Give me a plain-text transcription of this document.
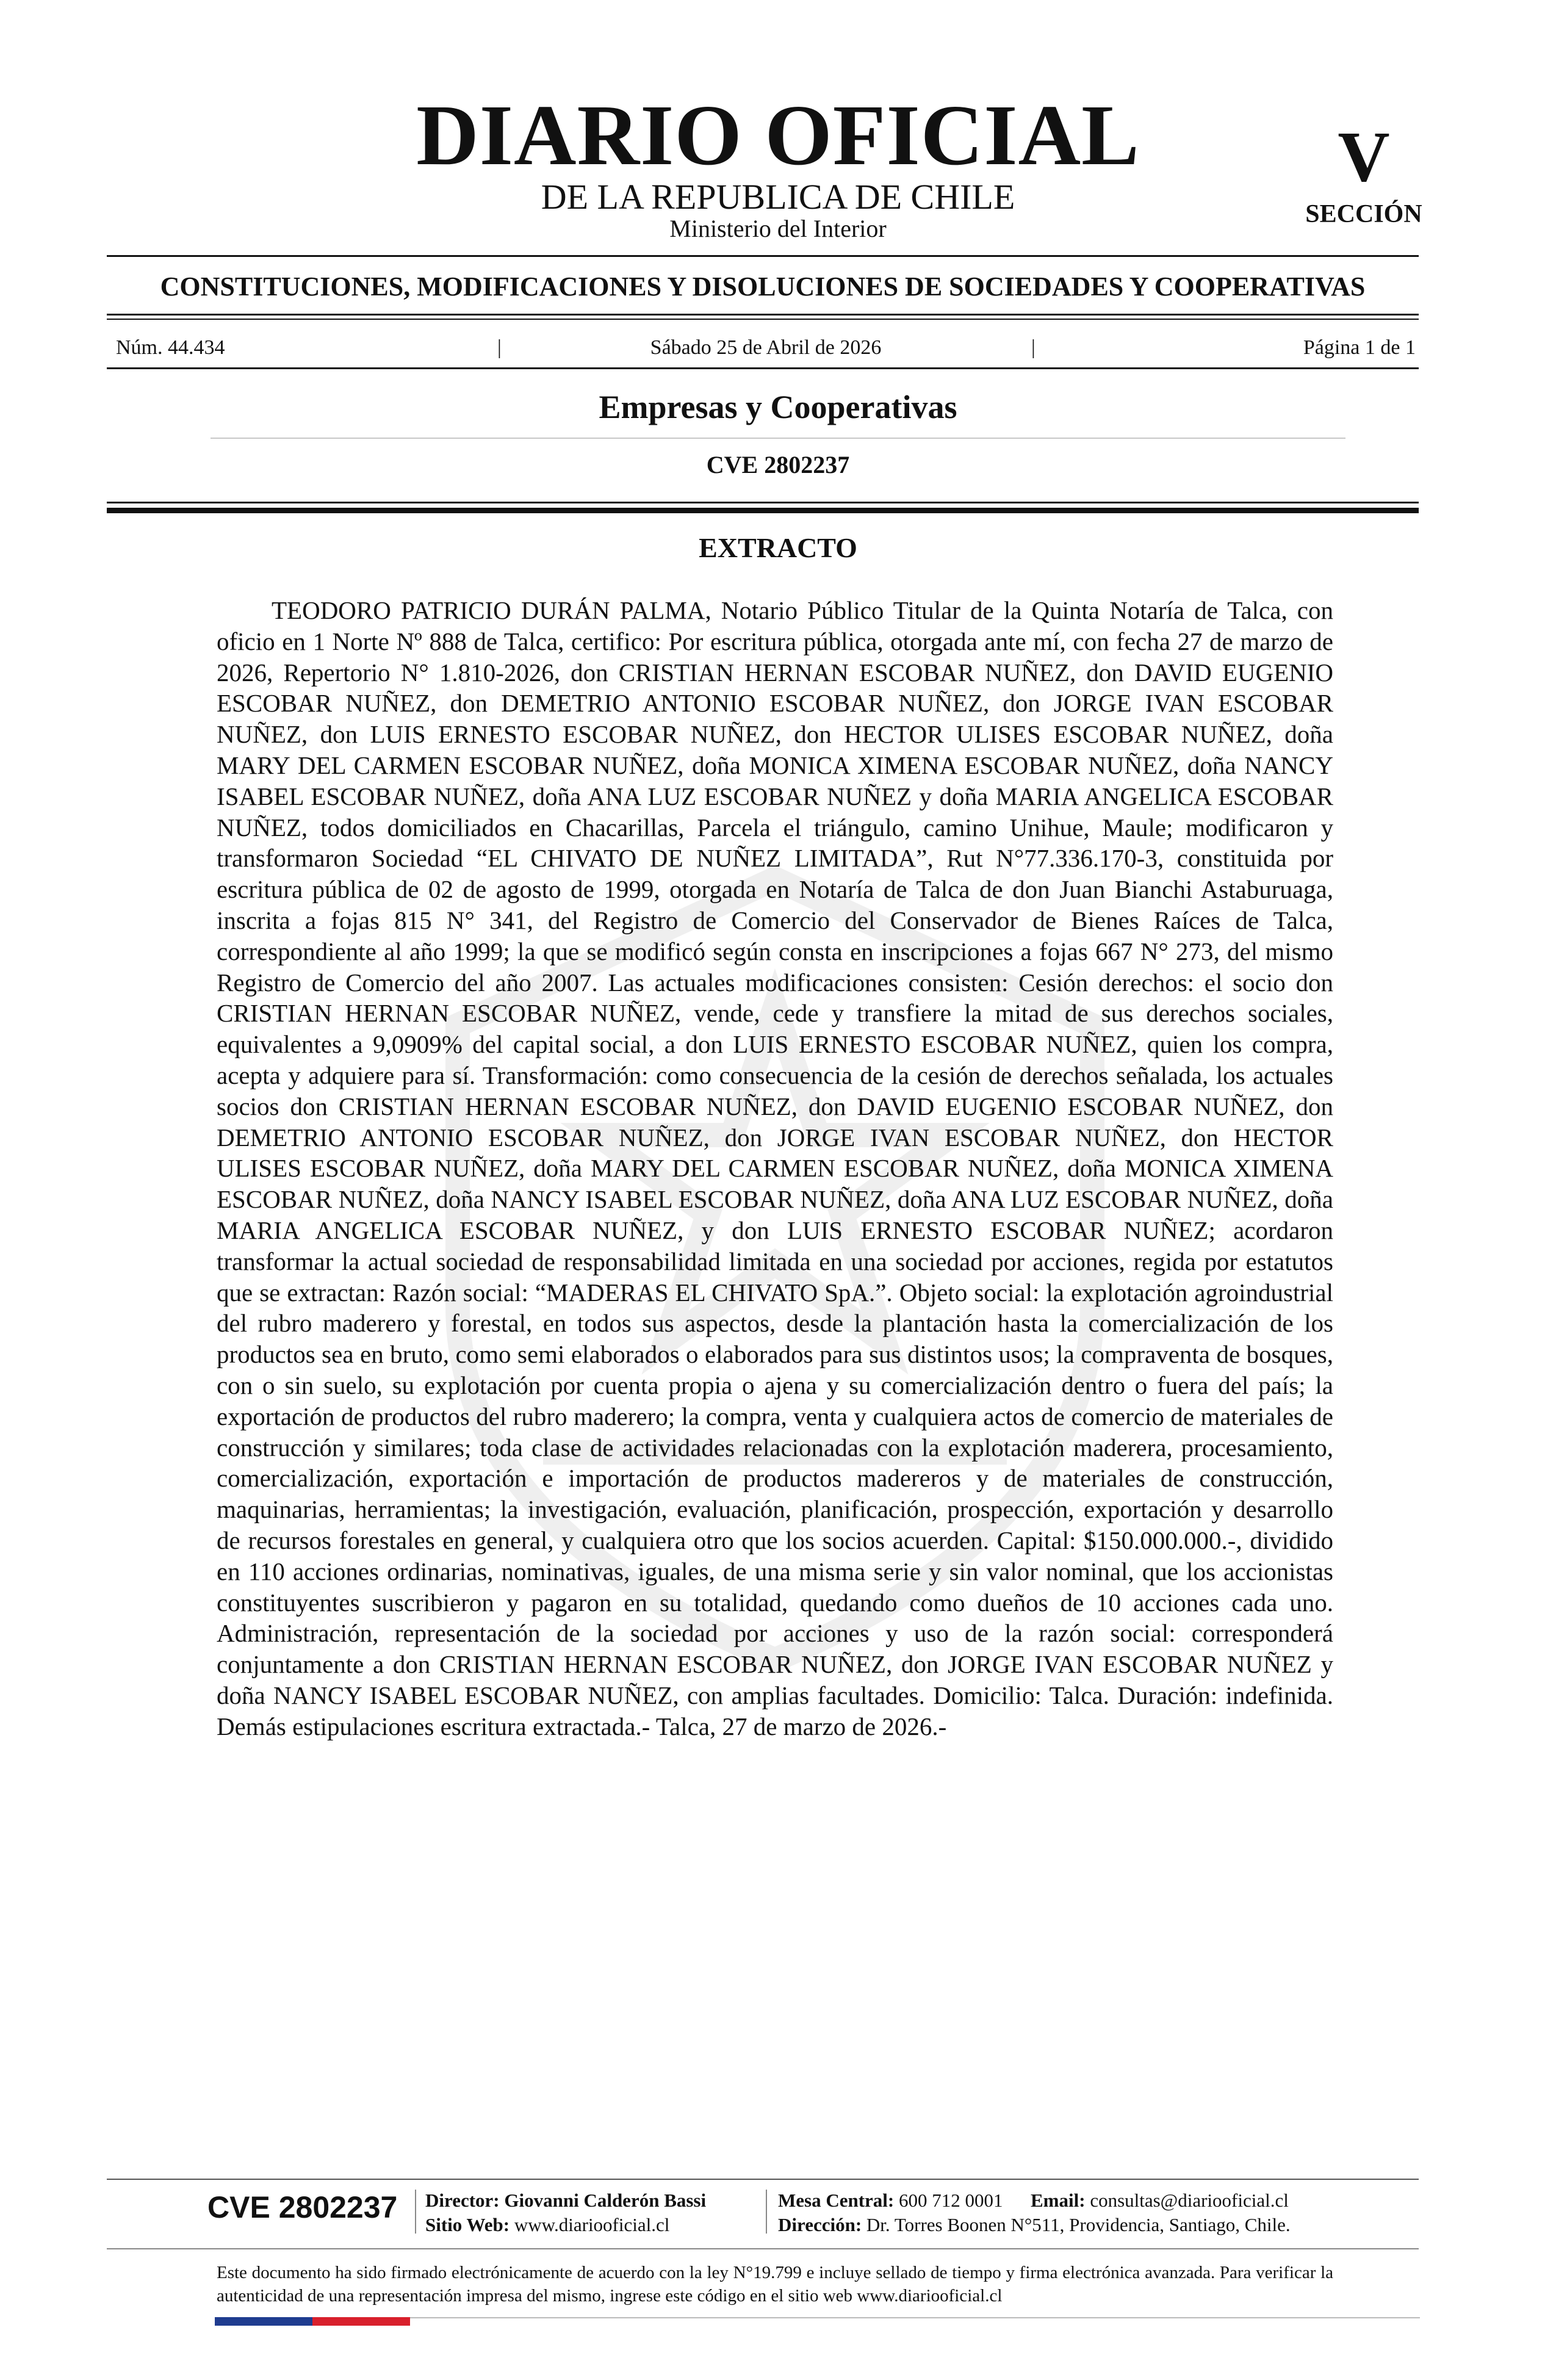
DIARIO OFICIAL
DE LA REPUBLICA DE CHILE
Ministerio del Interior
V
SECCIÓN
CONSTITUCIONES, MODIFICACIONES Y DISOLUCIONES DE SOCIEDADES Y COOPERATIVAS
Núm. 44.434	|	Sábado 25 de Abril de 2026	|	Página 1 de 1
Empresas y Cooperativas
CVE 2802237
EXTRACTO

TEODORO PATRICIO DURÁN PALMA, Notario Público Titular de la Quinta Notaría de Talca, con oficio en 1 Norte Nº 888 de Talca, certifico: Por escritura pública, otorgada ante mí, con fecha 27 de marzo de 2026, Repertorio N° 1.810-2026, don CRISTIAN HERNAN ESCOBAR NUÑEZ, don DAVID EUGENIO ESCOBAR NUÑEZ, don DEMETRIO ANTONIO ESCOBAR NUÑEZ, don JORGE IVAN ESCOBAR NUÑEZ, don LUIS ERNESTO ESCOBAR NUÑEZ, don HECTOR ULISES ESCOBAR NUÑEZ, doña MARY DEL CARMEN ESCOBAR NUÑEZ, doña MONICA XIMENA ESCOBAR NUÑEZ, doña NANCY ISABEL ESCOBAR NUÑEZ, doña ANA LUZ ESCOBAR NUÑEZ y doña MARIA ANGELICA ESCOBAR NUÑEZ, todos domiciliados en Chacarillas, Parcela el triángulo, camino Unihue, Maule; modificaron y transformaron Sociedad “EL CHIVATO DE NUÑEZ LIMITADA”, Rut N°77.336.170-3, constituida por escritura pública de 02 de agosto de 1999, otorgada en Notaría de Talca de don Juan Bianchi Astaburuaga, inscrita a fojas 815 N° 341, del Registro de Comercio del Conservador de Bienes Raíces de Talca, correspondiente al año 1999; la que se modificó según consta en inscripciones a fojas 667 N° 273, del mismo Registro de Comercio del año 2007. Las actuales modificaciones consisten: Cesión derechos: el socio don CRISTIAN HERNAN ESCOBAR NUÑEZ, vende, cede y transfiere la mitad de sus derechos sociales, equivalentes a 9,0909% del capital social, a don LUIS ERNESTO ESCOBAR NUÑEZ, quien los compra, acepta y adquiere para sí. Transformación: como consecuencia de la cesión de derechos señalada, los actuales socios don CRISTIAN HERNAN ESCOBAR NUÑEZ, don DAVID EUGENIO ESCOBAR NUÑEZ, don DEMETRIO ANTONIO ESCOBAR NUÑEZ, don JORGE IVAN ESCOBAR NUÑEZ, don HECTOR ULISES ESCOBAR NUÑEZ, doña MARY DEL CARMEN ESCOBAR NUÑEZ, doña MONICA XIMENA ESCOBAR NUÑEZ, doña NANCY ISABEL ESCOBAR NUÑEZ, doña ANA LUZ ESCOBAR NUÑEZ, doña MARIA ANGELICA ESCOBAR NUÑEZ, y don LUIS ERNESTO ESCOBAR NUÑEZ; acordaron transformar la actual sociedad de responsabilidad limitada en una sociedad por acciones, regida por estatutos que se extractan: Razón social: “MADERAS EL CHIVATO SpA.”. Objeto social: la explotación agroindustrial del rubro maderero y forestal, en todos sus aspectos, desde la plantación hasta la comercialización de los productos sea en bruto, como semi elaborados o elaborados para sus distintos usos; la compraventa de bosques, con o sin suelo, su explotación por cuenta propia o ajena y su comercialización dentro o fuera del país; la exportación de productos del rubro maderero; la compra, venta y cualquiera actos de comercio de materiales de construcción y similares; toda clase de actividades relacionadas con la explotación maderera, procesamiento, comercialización, exportación e importación de productos madereros y de materiales de construcción, maquinarias, herramientas; la investigación, evaluación, planificación, prospección, exportación y desarrollo de recursos forestales en general, y cualquiera otro que los socios acuerden. Capital: $150.000.000.-, dividido en 110 acciones ordinarias, nominativas, iguales, de una misma serie y sin valor nominal, que los accionistas constituyentes suscribieron y pagaron en su totalidad, quedando como dueños de 10 acciones cada uno. Administración, representación de la sociedad por acciones y uso de la razón social: corresponderá conjuntamente a don CRISTIAN HERNAN ESCOBAR NUÑEZ, don JORGE IVAN ESCOBAR NUÑEZ y doña NANCY ISABEL ESCOBAR NUÑEZ, con amplias facultades. Domicilio: Talca. Duración: indefinida. Demás estipulaciones escritura extractada.- Talca, 27 de marzo de 2026.-

CVE 2802237 Director: Giovanni Calderón Bassi
Sitio Web: www.diariooficial.cl
Mesa Central: 600 712 0001 Email: consultas@diariooficial.cl
Dirección: Dr. Torres Boonen N°511, Providencia, Santiago, Chile.

Este documento ha sido firmado electrónicamente de acuerdo con la ley N°19.799 e incluye sellado de tiempo y firma electrónica avanzada. Para verificar la autenticidad de una representación impresa del mismo, ingrese este código en el sitio web www.diariooficial.cl
